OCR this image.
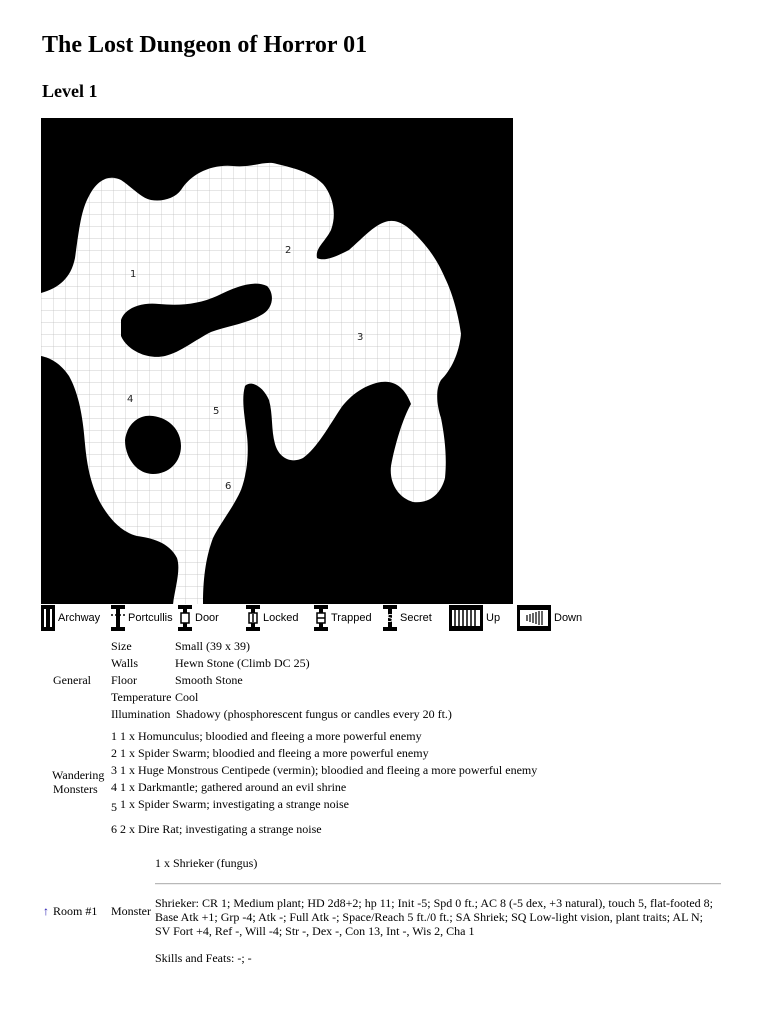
The Lost Dungeon of Horror 01
Level 1
1
2
3
4
5
6
Archway	Portcullis Door	Locked	Trapped S Secret	Up	Down
General
Size	Small (39 x 39)
Walls	Hewn Stone (Climb DC 25)
Floor	Smooth Stone
Temperature Cool
Illumination Shadowy (phosphorescent fungus or candles every 20 ft.)
Wandering
Monsters
1 1 x Homunculus; bloodied and fleeing a more powerful enemy
2 1 x Spider Swarm; bloodied and fleeing a more powerful enemy
3 1 x Huge Monstrous Centipede (vermin); bloodied and fleeing a more powerful enemy
4 1 x Darkmantle; gathered around an evil shrine
5 1 x Spider Swarm; investigating a strange noise
6 2 x Dire Rat; investigating a strange noise
1 x Shrieker (fungus)
↑ Room #1 Monster
Shrieker: CR 1; Medium plant; HD 2d8+2; hp 11; Init -5; Spd 0 ft.; AC 8 (-5 dex, +3 natural), touch 5, flat-footed 8;
Base Atk +1; Grp -4; Atk -; Full Atk -; Space/Reach 5 ft./0 ft.; SA Shriek; SQ Low-light vision, plant traits; AL N;
SV Fort +4, Ref -, Will -4; Str -, Dex -, Con 13, Int -, Wis 2, Cha 1
Skills and Feats: -; -
